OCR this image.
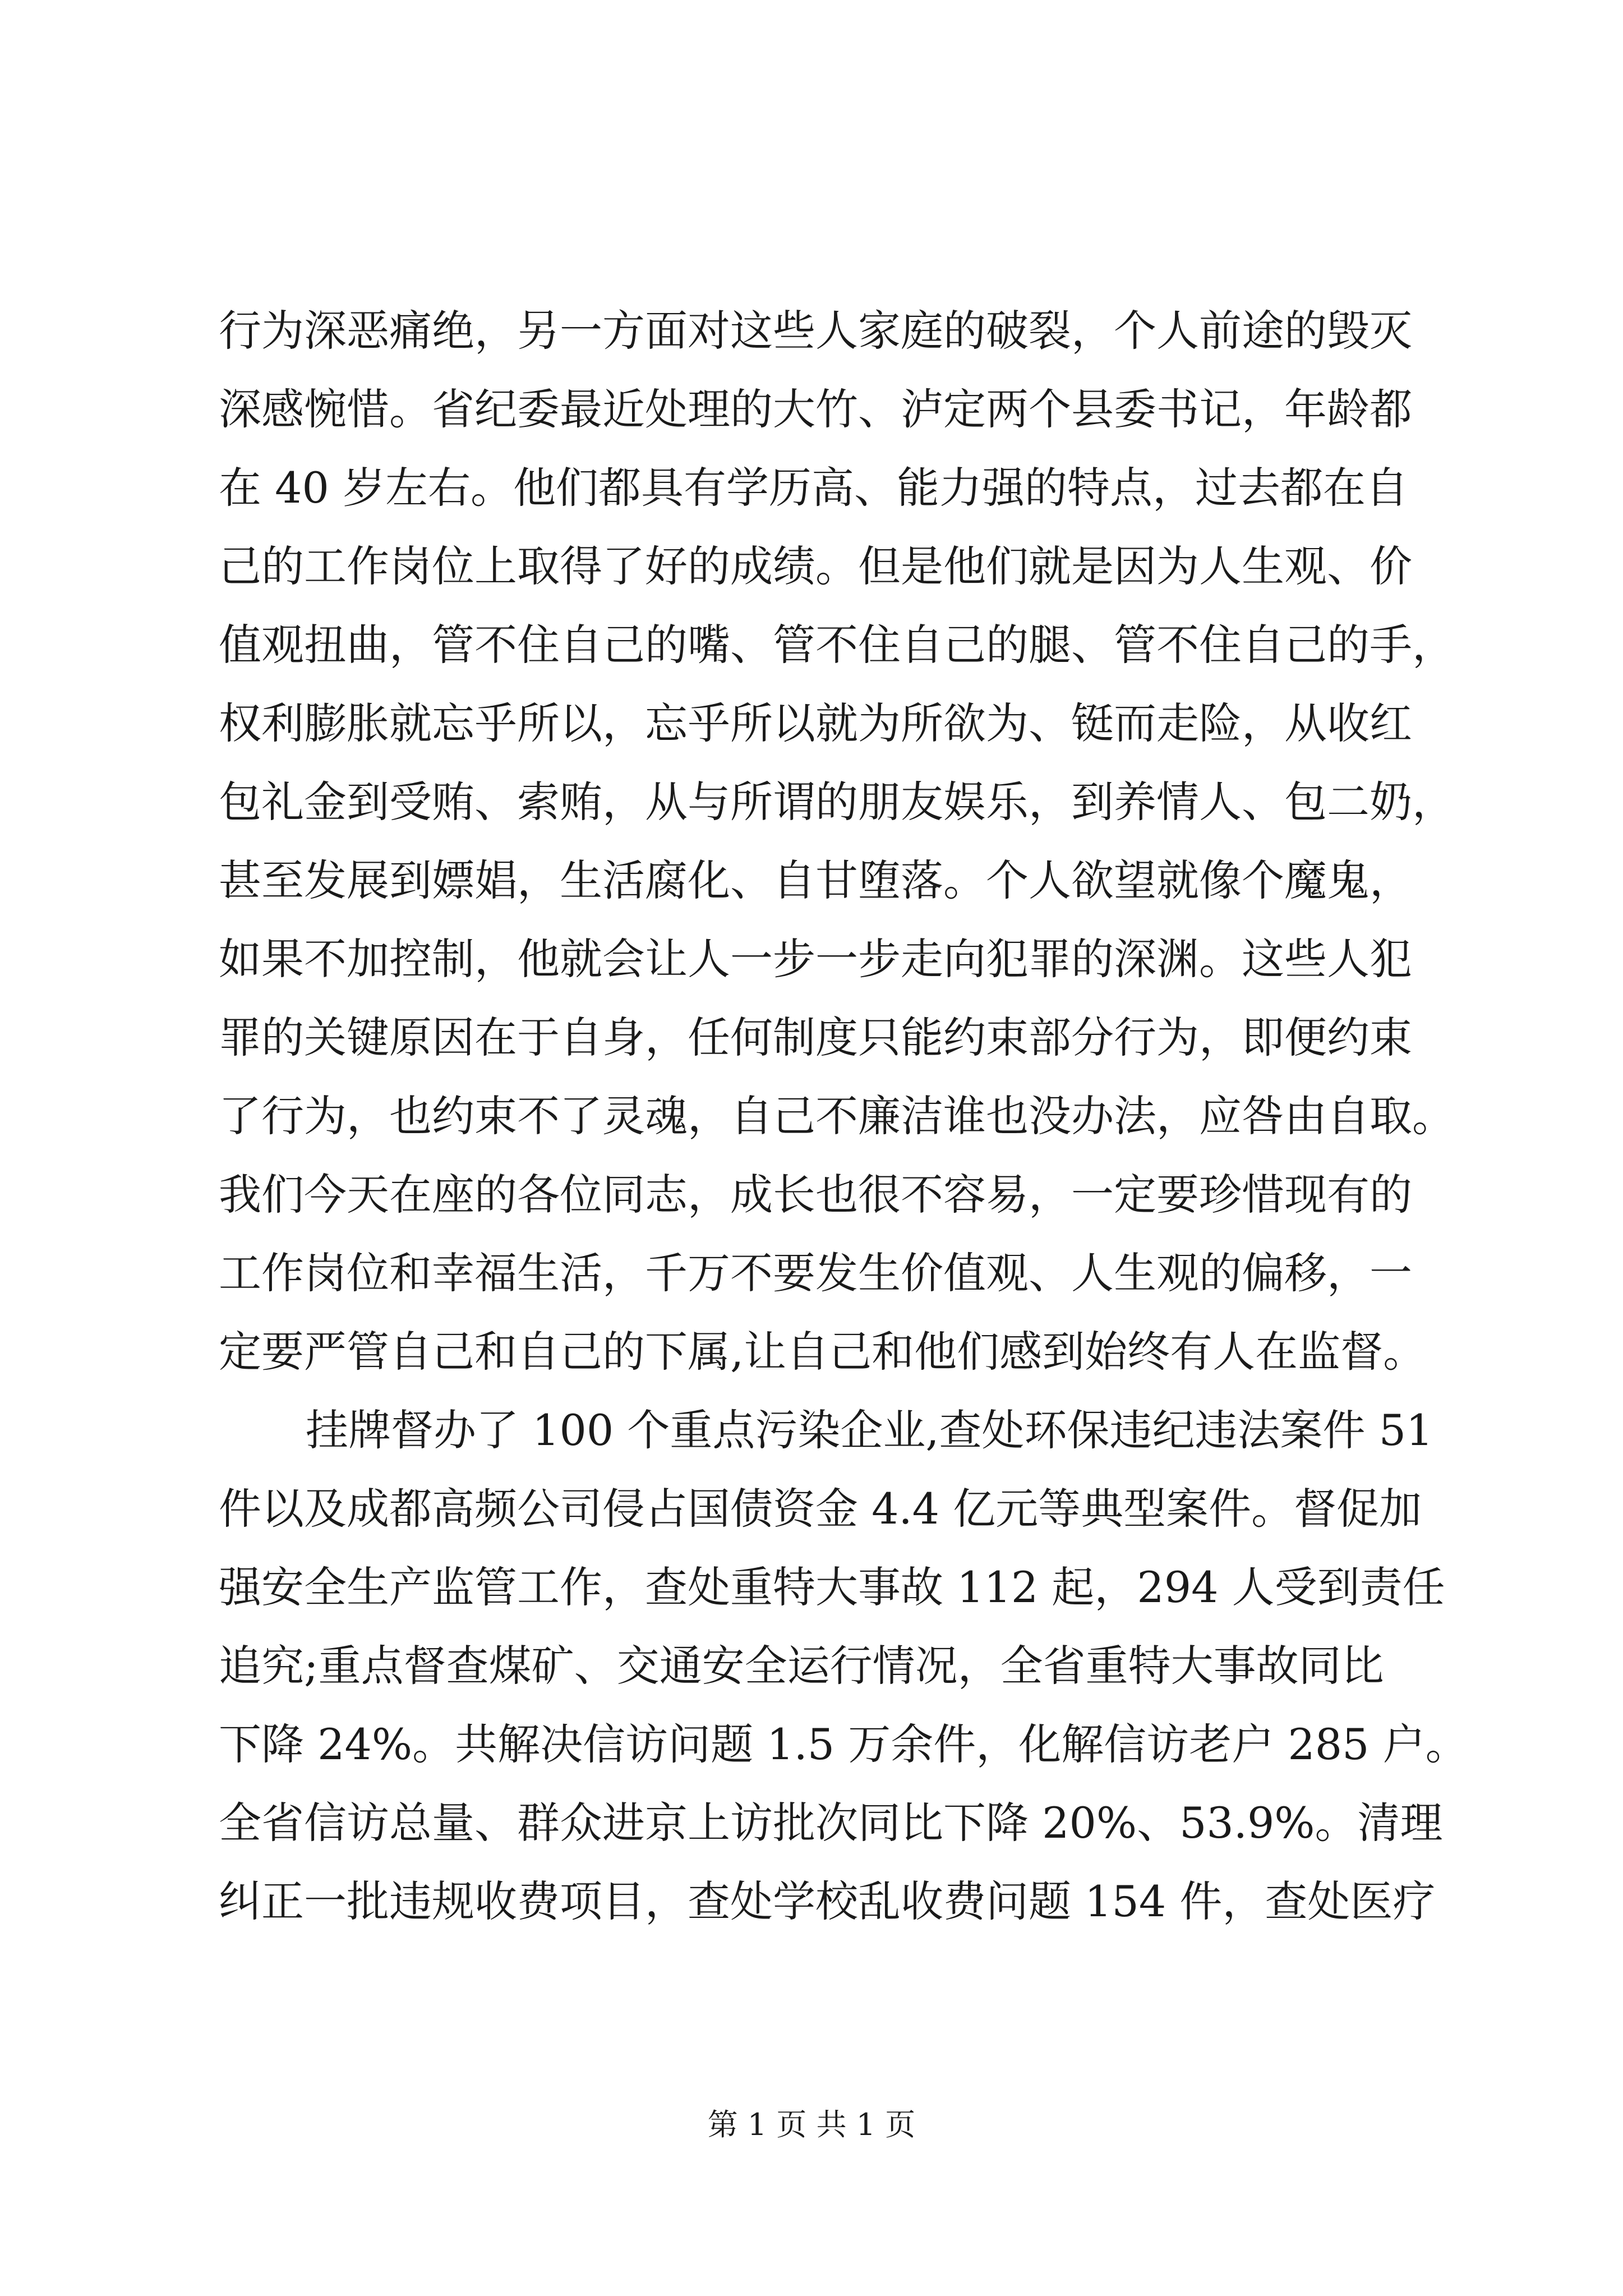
行为深恶痛绝，另一方面对这些人家庭的破裂，个人前途的毁灭
深感惋惜。省纪委最近处理的大竹、泸定两个县委书记，年龄都
在 40 岁左右。他们都具有学历高、能力强的特点，过去都在自
己的工作岗位上取得了好的成绩。但是他们就是因为人生观、价
值观扭曲，管不住自己的嘴、管不住自己的腿、管不住自己的手，
权利膨胀就忘乎所以，忘乎所以就为所欲为、铤而走险，从收红
包礼金到受贿、索贿，从与所谓的朋友娱乐，到养情人、包二奶，
甚至发展到嫖娼，生活腐化、自甘堕落。个人欲望就像个魔鬼，
如果不加控制，他就会让人一步一步走向犯罪的深渊。这些人犯
罪的关键原因在于自身，任何制度只能约束部分行为，即便约束
了行为，也约束不了灵魂，自己不廉洁谁也没办法，应咎由自取。
我们今天在座的各位同志，成长也很不容易，一定要珍惜现有的
工作岗位和幸福生活，千万不要发生价值观、人生观的偏移，一
定要严管自己和自己的下属,让自己和他们感到始终有人在监督。
挂牌督办了 100 个重点污染企业,查处环保违纪违法案件 51
件以及成都高频公司侵占国债资金 4.4 亿元等典型案件。督促加
强安全生产监管工作，查处重特大事故 112 起，294 人受到责任
追究;重点督查煤矿、交通安全运行情况，全省重特大事故同比
下降 24%。共解决信访问题 1.5 万余件，化解信访老户 285 户。
全省信访总量、群众进京上访批次同比下降 20%、53.9%。清理
纠正一批违规收费项目，查处学校乱收费问题 154 件，查处医疗
第 1 页 共 1 页
